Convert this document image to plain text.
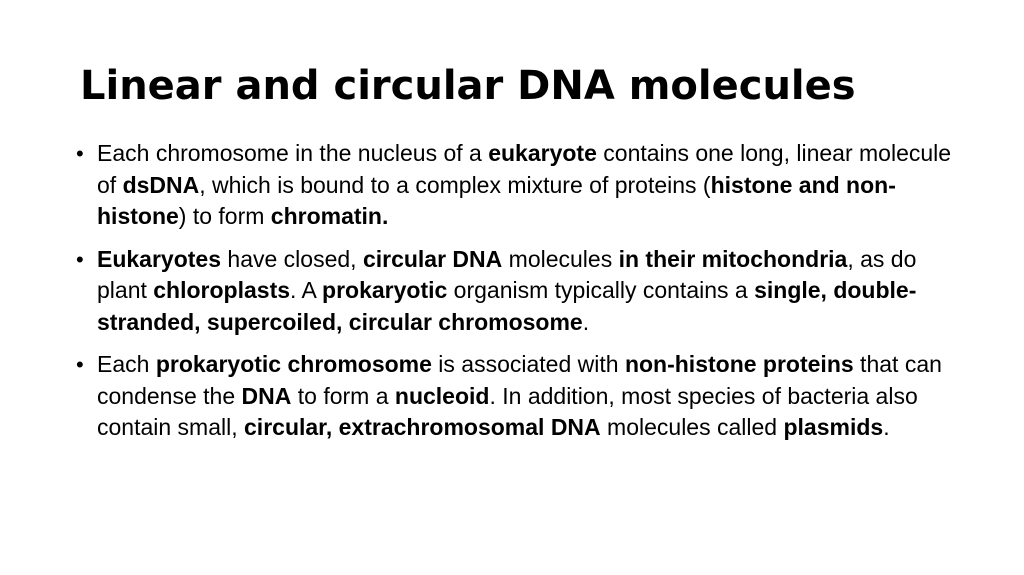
Linear and circular DNA molecules
• Each chromosome in the nucleus of a eukaryote contains one long, linear molecule of dsDNA, which is bound to a complex mixture of proteins (histone and non-histone) to form chromatin.
• Eukaryotes have closed, circular DNA molecules in their mitochondria, as do plant chloroplasts. A prokaryotic organism typically contains a single, double-stranded, supercoiled, circular chromosome.
• Each prokaryotic chromosome is associated with non-histone proteins that can condense the DNA to form a nucleoid. In addition, most species of bacteria also contain small, circular, extrachromosomal DNA molecules called plasmids.
